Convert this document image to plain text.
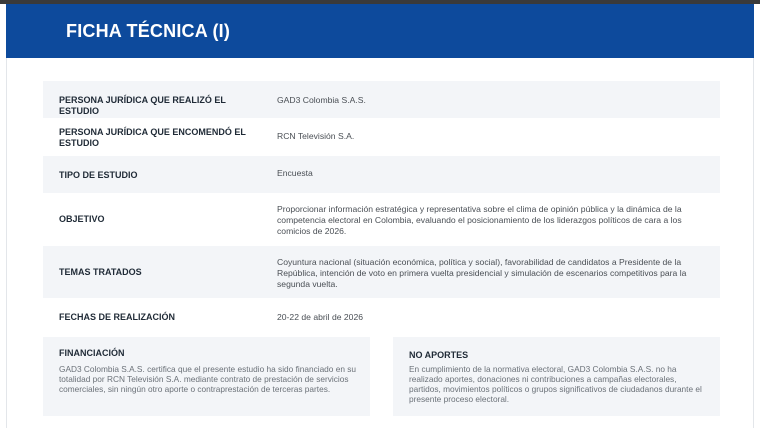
FICHA TÉCNICA (I)
PERSONA JURÍDICA QUE REALIZÓ EL ESTUDIO
GAD3 Colombia S.A.S.
PERSONA JURÍDICA QUE ENCOMENDÓ EL ESTUDIO
RCN Televisión S.A.
TIPO DE ESTUDIO	Encuesta
OBJETIVO
Proporcionar información estratégica y representativa sobre el clima de opinión pública y la dinámica de la competencia electoral en Colombia, evaluando el posicionamiento de los liderazgos políticos de cara a los comicios de 2026.
TEMAS TRATADOS
Coyuntura nacional (situación económica, política y social), favorabilidad de candidatos a Presidente de la República, intención de voto en primera vuelta presidencial y simulación de escenarios competitivos para la segunda vuelta.
FECHAS DE REALIZACIÓN	20-22 de abril de 2026
FINANCIACIÓN
GAD3 Colombia S.A.S. certifica que el presente estudio ha sido financiado en su totalidad por RCN Televisión S.A. mediante contrato de prestación de servicios comerciales, sin ningún otro aporte o contraprestación de terceras partes.
NO APORTES
En cumplimiento de la normativa electoral, GAD3 Colombia S.A.S. no ha realizado aportes, donaciones ni contribuciones a campañas electorales, partidos, movimientos políticos o grupos significativos de ciudadanos durante el presente proceso electoral.
